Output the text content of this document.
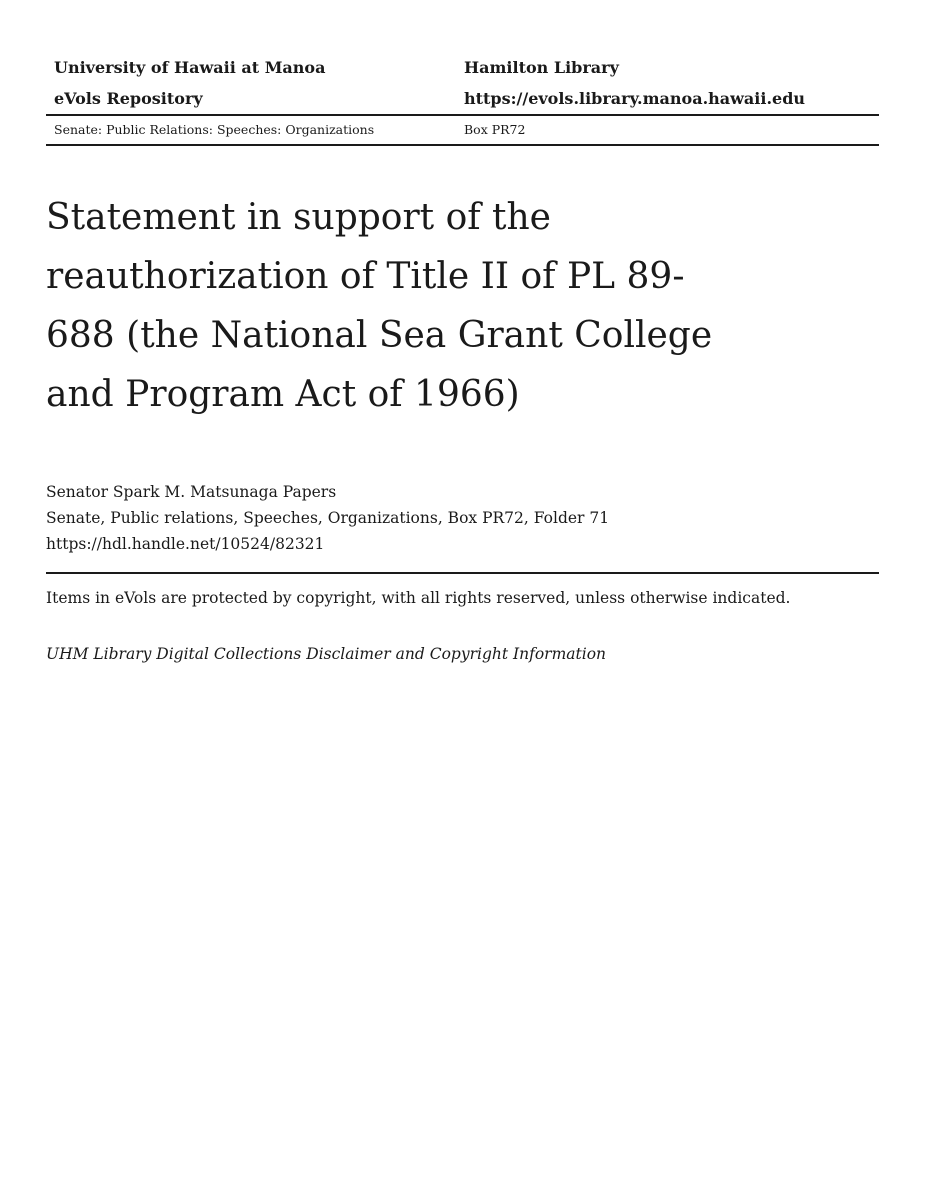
University of Hawaii at Manoa	Hamilton Library
eVols Repository	https://evols.library.manoa.hawaii.edu
Senate: Public Relations: Speeches: Organizations	Box PR72
Statement in support of the reauthorization of Title II of PL 89-688 (the National Sea Grant College and Program Act of 1966)
Senator Spark M. Matsunaga Papers
Senate, Public relations, Speeches, Organizations, Box PR72, Folder 71
https://hdl.handle.net/10524/82321
Items in eVols are protected by copyright, with all rights reserved, unless otherwise indicated.
UHM Library Digital Collections Disclaimer and Copyright Information
